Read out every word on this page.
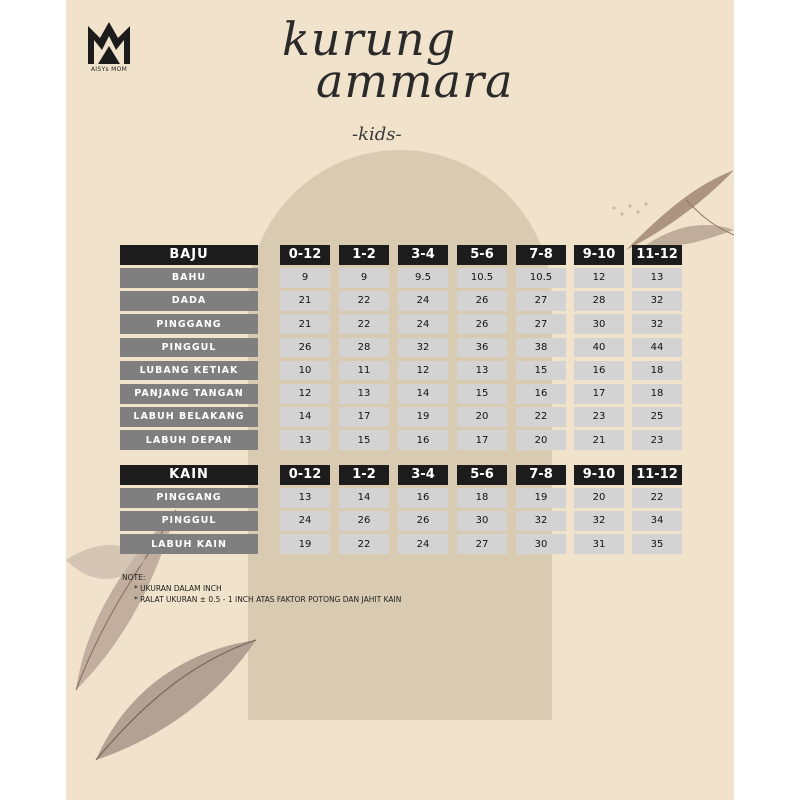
AISYs MOM
kurung
ammara
-kids-
BAJU	0-12	1-2	3-4	5-6	7-8	9-10	11-12
BAHU	9	9	9.5	10.5	10.5	12	13
DADA	21	22	24	26	27	28	32
PINGGANG	21	22	24	26	27	30	32
PINGGUL	26	28	32	36	38	40	44
LUBANG KETIAK	10	11	12	13	15	16	18
PANJANG TANGAN	12	13	14	15	16	17	18
LABUH BELAKANG	14	17	19	20	22	23	25
LABUH DEPAN	13	15	16	17	20	21	23
KAIN	0-12	1-2	3-4	5-6	7-8	9-10	11-12
PINGGANG	13	14	16	18	19	20	22
PINGGUL	24	26	26	30	32	32	34
LABUH KAIN	19	22	24	27	30	31	35
NOTE:
* UKURAN DALAM INCH
* RALAT UKURAN ± 0.5 - 1 INCH ATAS FAKTOR POTONG DAN JAHIT KAIN
